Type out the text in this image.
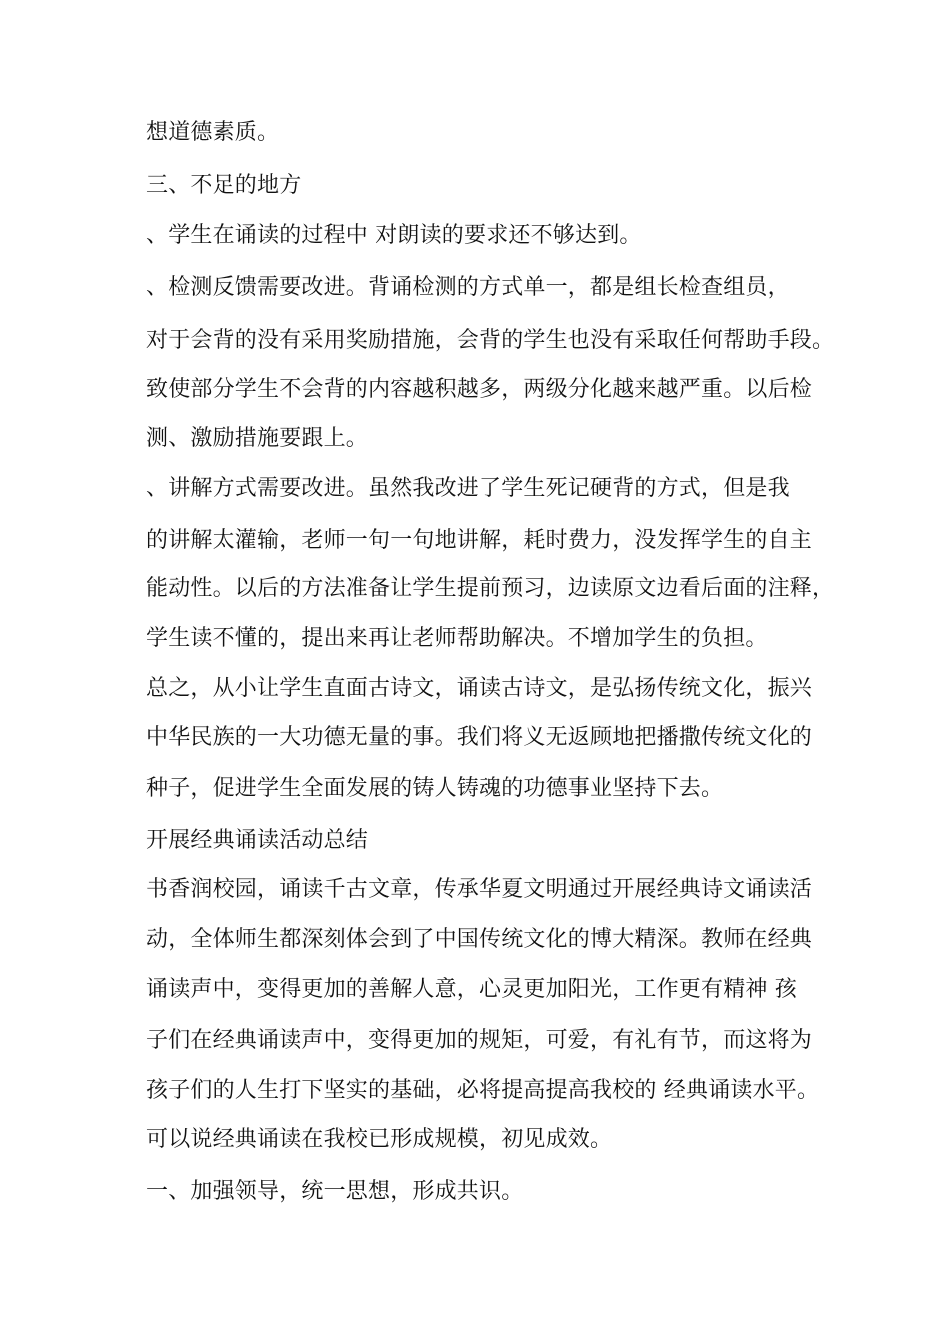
想道德素质。
三、不足的地方
、学生在诵读的过程中 对朗读的要求还不够达到。
、检测反馈需要改进。背诵检测的方式单一，都是组长检查组员，
对于会背的没有采用奖励措施，会背的学生也没有采取任何帮助手段。
致使部分学生不会背的内容越积越多，两级分化越来越严重。以后检
测、激励措施要跟上。
、讲解方式需要改进。虽然我改进了学生死记硬背的方式，但是我
的讲解太灌输，老师一句一句地讲解，耗时费力，没发挥学生的自主
能动性。以后的方法准备让学生提前预习，边读原文边看后面的注释，
学生读不懂的，提出来再让老师帮助解决。不增加学生的负担。
总之，从小让学生直面古诗文，诵读古诗文，是弘扬传统文化，振兴
中华民族的一大功德无量的事。我们将义无返顾地把播撒传统文化的
种子，促进学生全面发展的铸人铸魂的功德事业坚持下去。
开展经典诵读活动总结
书香润校园，诵读千古文章，传承华夏文明通过开展经典诗文诵读活
动，全体师生都深刻体会到了中国传统文化的博大精深。教师在经典
诵读声中，变得更加的善解人意，心灵更加阳光，工作更有精神 孩
子们在经典诵读声中，变得更加的规矩，可爱，有礼有节，而这将为
孩子们的人生打下坚实的基础，必将提高提高我校的 经典诵读水平。
可以说经典诵读在我校已形成规模，初见成效。
一、加强领导，统一思想，形成共识。
